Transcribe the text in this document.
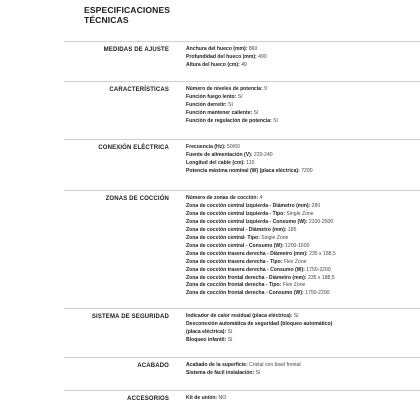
ESPECIFICACIONES
TÉCNICAS
MEDIDAS DE AJUSTE	Anchura del hueco (mm): 860
Profundidad del hueco (mm): 490
Altura del hueco (cm): 49
CARACTERÍSTICAS	Número de niveles de potencia: 9
Función fuego lento: Sí
Función derretir: Sí
Función mantener caliente: Sí
Función de regulación de potencia: Sí
CONEXIÓN ELÉCTRICA	Frecuencia (Hz): 50/60
Fuente de alimentación (V): 220-240
Longitud del cable (cm): 110
Potencia máxima nominal (W) (placa eléctrica): 7200
ZONAS DE COCCIÓN	Número de zonas de cocción: 4
Zona de cocción central izquierda - Diámetro (mm): 280
Zona de cocción central izquierda - Tipo: Single Zone
Zona de cocción central izquierda - Consumo (W): 2100-2500
Zona de cocción central - Diámetro (mm): 185
Zona de cocción central- Tipo: Single Zone
Zona de cocción central - Consumo (W): 1200-1600
Zona de cocción trasera derecha - Diámetro (mm): 235 x 188,5
Zona de cocción trasera derecha - Tipo: Flex Zone
Zona de cocción trasera derecha - Consumo (W): 1750-2200
Zona de cocción frontal derecha - Diámetro (mm): 235 x 188,5
Zona de cocción frontal derecha - Tipo: Flex Zone
Zona de cocción frontal derecha - Consumo (W): 1750-2200
SISTEMA DE SEGURIDAD	Indicador de calor residual (placa eléctrica): Sí
Desconexión automática de seguridad (bloqueo automático)
(placa eléctrica): Sí
Bloqueo infantil: Sí
ACABADO	Acabado de la superficie: Cristal con bisel frontal
Sistema de fácil instalación: Sí
ACCESORIOS	Kit de unión: NO
